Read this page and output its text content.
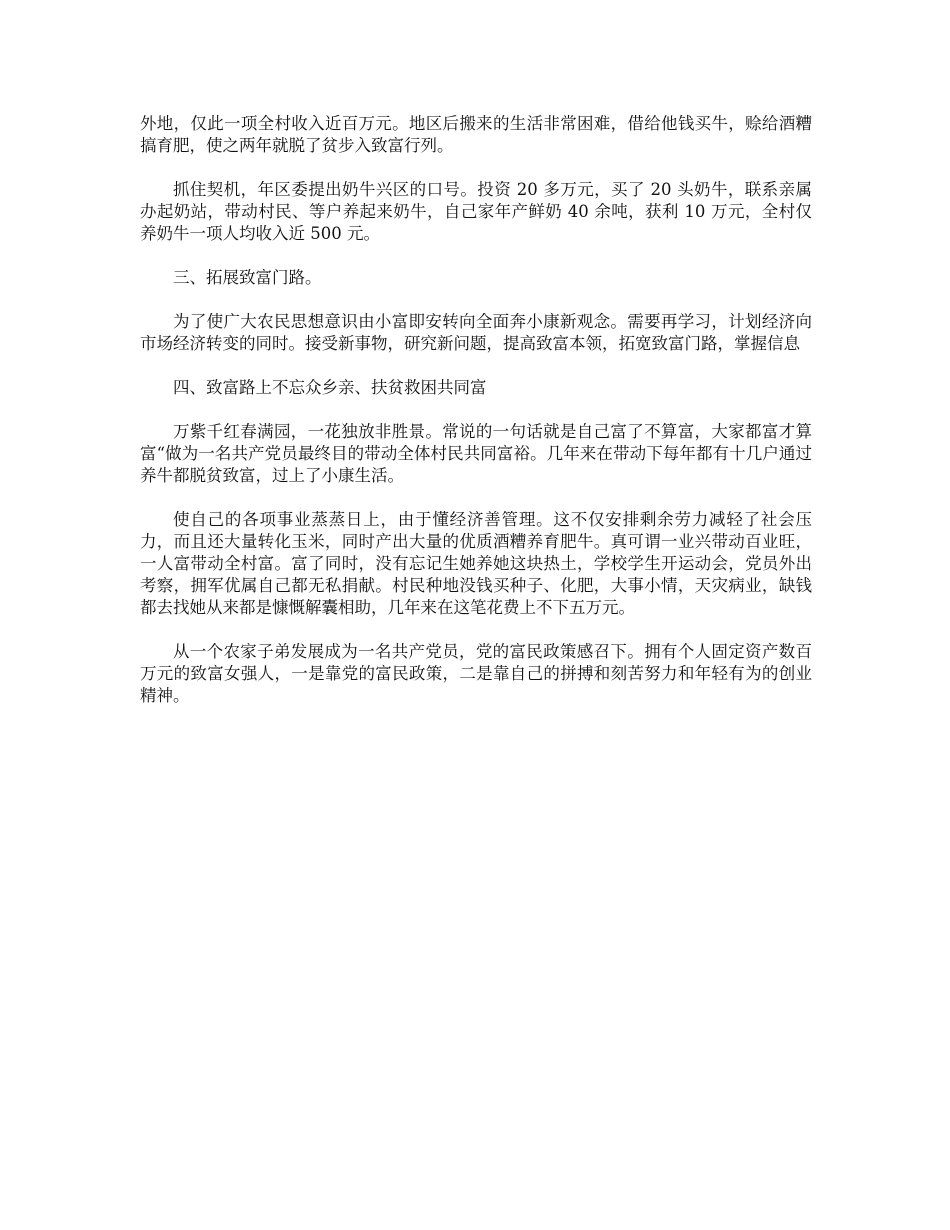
外地，仅此一项全村收入近百万元。地区后搬来的生活非常困难，借给他钱买牛，赊给酒糟搞育肥，使之两年就脱了贫步入致富行列。

抓住契机，年区委提出奶牛兴区的口号。投资 20 多万元，买了 20 头奶牛，联系亲属办起奶站，带动村民、等户养起来奶牛，自己家年产鲜奶 40 余吨，获利 10 万元，全村仅养奶牛一项人均收入近 500 元。

三、拓展致富门路。

为了使广大农民思想意识由小富即安转向全面奔小康新观念。需要再学习，计划经济向市场经济转变的同时。接受新事物，研究新问题，提高致富本领，拓宽致富门路，掌握信息

四、致富路上不忘众乡亲、扶贫救困共同富

万紫千红春满园，一花独放非胜景。常说的一句话就是自己富了不算富，大家都富才算富“做为一名共产党员最终目的带动全体村民共同富裕。几年来在带动下每年都有十几户通过养牛都脱贫致富，过上了小康生活。

使自己的各项事业蒸蒸日上，由于懂经济善管理。这不仅安排剩余劳力减轻了社会压力，而且还大量转化玉米，同时产出大量的优质酒糟养育肥牛。真可谓一业兴带动百业旺，一人富带动全村富。富了同时，没有忘记生她养她这块热土，学校学生开运动会，党员外出考察，拥军优属自己都无私捐献。村民种地没钱买种子、化肥，大事小情，天灾病业，缺钱都去找她从来都是慷慨解囊相助，几年来在这笔花费上不下五万元。

从一个农家子弟发展成为一名共产党员，党的富民政策感召下。拥有个人固定资产数百万元的致富女强人，一是靠党的富民政策，二是靠自己的拼搏和刻苦努力和年轻有为的创业精神。
